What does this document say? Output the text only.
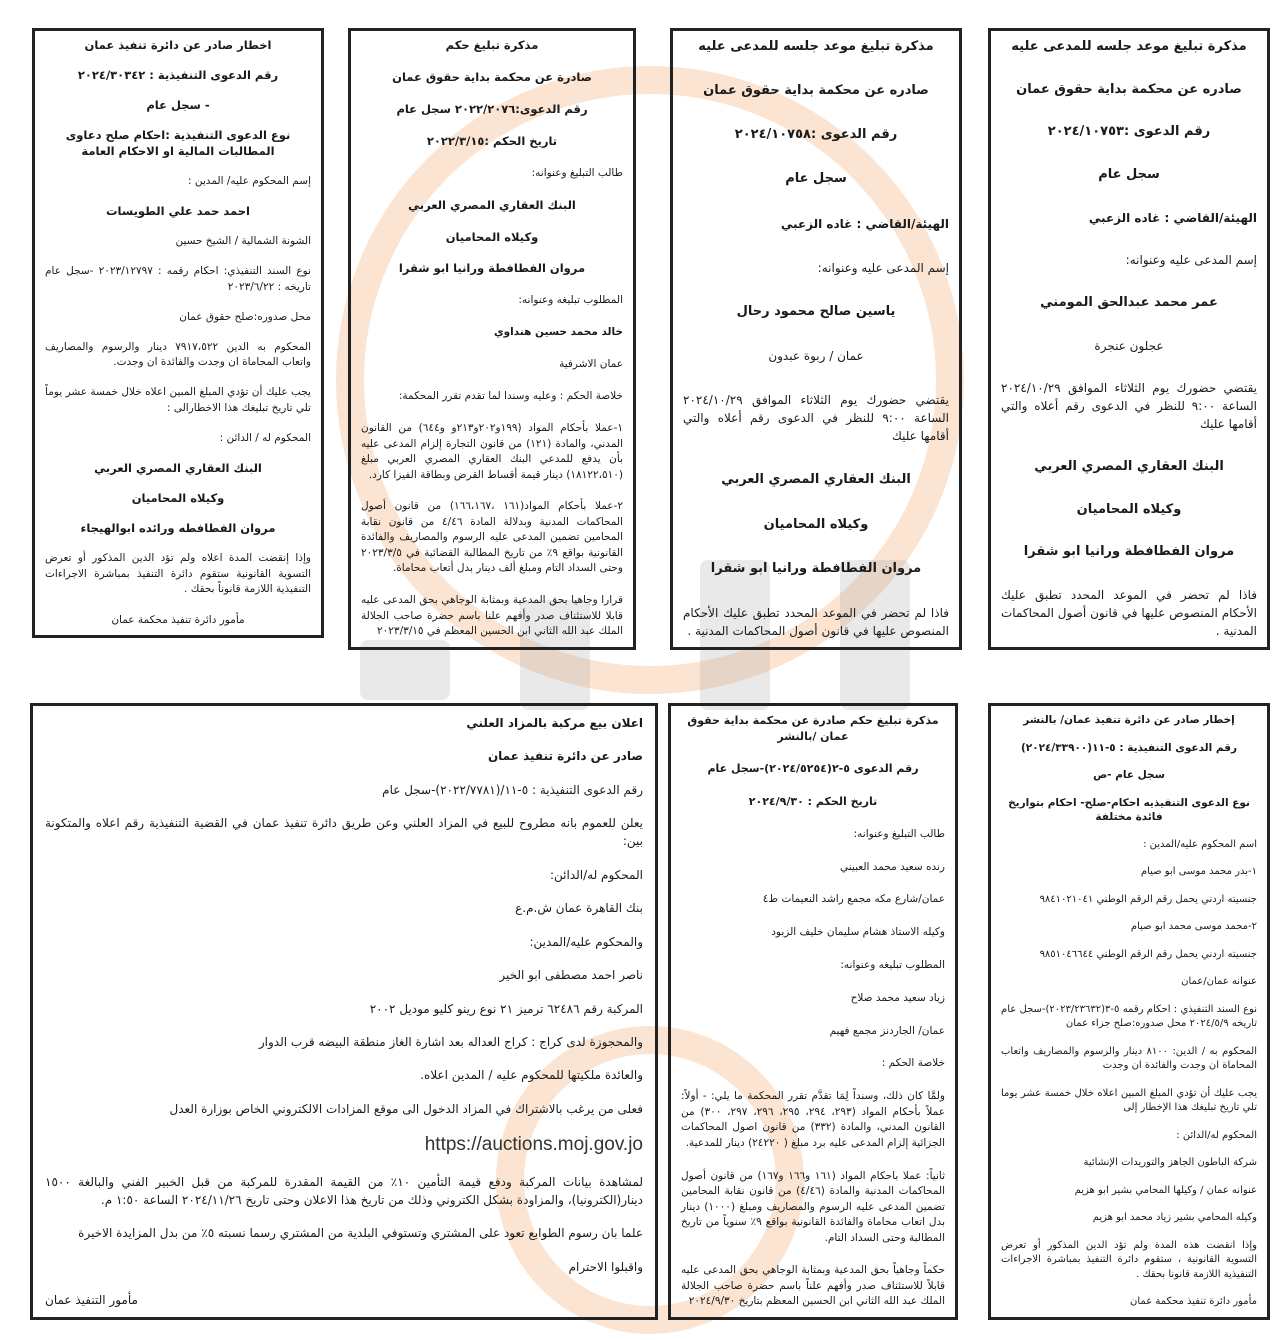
مذكرة تبليغ موعد جلسه للمدعى عليه
صادره عن محكمة بداية حقوق عمان
رقم الدعوى :٢٠٢٤/١٠٧٥٣
سجل عام
الهيئة/القاضي : غاده الزعبي
إسم المدعى عليه وعنوانه:
عمر محمد عبدالحق المومني
عجلون عنجرة
يقتضي حضورك يوم الثلاثاء الموافق ٢٠٢٤/١٠/٢٩ الساعة ٩:٠٠ للنظر في الدعوى رقم أعلاه والتي أقامها عليك
البنك العقاري المصري العربي
وكيلاه المحاميان
مروان الفطافطة ورانيا ابو شقرا
فاذا لم تحضر في الموعد المحدد تطبق عليك الأحكام المنصوص عليها في قانون أصول المحاكمات المدنية .
مذكرة تبليغ موعد جلسه للمدعى عليه
صادره عن محكمة بداية حقوق عمان
رقم الدعوى :٢٠٢٤/١٠٧٥٨
سجل عام
الهيئة/القاضي : غاده الزعبي
إسم المدعى عليه وعنوانه:
ياسين صالح محمود رحال
عمان / ربوة عبدون
يقتضي حضورك يوم الثلاثاء الموافق ٢٠٢٤/١٠/٢٩ الساعة ٩:٠٠ للنظر في الدعوى رقم أعلاه والتي أقامها عليك
البنك العقاري المصري العربي
وكيلاه المحاميان
مروان الفطافطة ورانيا ابو شقرا
فاذا لم تحضر في الموعد المحدد تطبق عليك الأحكام المنصوص عليها في قانون أصول المحاكمات المدنية .
مذكرة تبليغ حكم
صادرة عن محكمة بداية حقوق عمان
رقم الدعوى:٢٠٢٢/٢٠٧٦ سجل عام
تاريخ الحكم :٢٠٢٢/٣/١٥
طالب التبليغ وعنوانه:
البنك العقاري المصري العربي
وكيلاه المحاميان
مروان الفطافطة ورانيا ابو شقرا
المطلوب تبليغه وعنوانه:
خالد محمد حسين هنداوي
عمان الاشرفية
خلاصة الحكم : وعليه وسندا لما تقدم تقرر المحكمة:
١-عملا بأحكام المواد (١٩٩و٢٠٢و٢١٣و و٦٤٤) من القانون المدني، والمادة (١٢١) من قانون التجارة إلزام المدعى عليه بأن يدفع للمدعي البنك العقاري المصري العربي مبلغ (١٨١٢٢،٥١٠) دينار قيمة أقساط القرض وبطاقة الفيزا كارد.
٢-عملا بأحكام المواد(١٦١ ،١٦٦،١٦٧) من قانون أصول المحاكمات المدنية وبدلالة المادة ٤/٤٦ من قانون نقابة المحامين تضمين المدعى عليه الرسوم والمصاريف والفائدة القانونية بواقع ٩٪ من تاريخ المطالبة القضائية في ٢٠٢٣/٣/٥ وحتى السداد التام ومبلغ ألف دينار بدل أتعاب محاماة.
قرارا وجاهيا بحق المدعية وبمثابة الوجاهي بحق المدعى عليه قابلا للاستئناف صدر وأفهم علنا باسم حضرة صاحب الجلالة الملك عبد الله الثاني ابن الحسين المعظم في ٢٠٢٣/٣/١٥
اخطار صادر عن دائرة تنفيذ عمان
رقم الدعوى التنفيذية : ٢٠٢٤/٣٠٣٤٢
- سجل عام
نوع الدعوى التنفيذية :احكام صلح دعاوى المطالبات المالية او الاحكام العامة
إسم المحكوم عليه/ المدين :
احمد حمد علي الطويسات
الشونة الشمالية / الشيخ حسين
نوع السند التنفيذي: احكام رقمه : ٢٠٢٣/١٢٧٩٧ -سجل عام تاريخه : ٢٠٢٣/٦/٢٢
محل صدوره:صلح حقوق عمان
المحكوم به الدين ٧٩١٧،٥٢٢ دينار والرسوم والمصاريف واتعاب المحاماة ان وجدت والفائدة ان وجدت.
يجب عليك أن تؤدي المبلغ المبين اعلاه خلال خمسة عشر يوماً تلي تاريخ تبليغك هذا الاخطارالى :
المحكوم له / الدائن :
البنك العقاري المصري العربي
وكيلاه المحاميان
مروان الفطافطه ورائده ابوالهيجاء
وإذا إنقضت المدة اعلاه ولم تؤد الدين المذكور أو تعرض التسوية القانونية ستقوم دائرة التنفيذ بمباشرة الاجراءات التنفيذية اللازمة قانوناً بحقك .
مأمور دائرة تنفيذ محكمة عمان
إخطار صادر عن دائرة تنفيذ عمان/ بالنشر
رقم الدعوى التنفيذية : ٥-١١(٢٠٢٤/٣٣٩٠٠)
سجل عام -ص
نوع الدعوى التنفيذيه احكام-صلح- احكام بتواريخ فائدة مختلفة
اسم المحكوم عليه/المدين :
١-بدر محمد موسى ابو صيام
جنسيته اردني يحمل رقم الرقم الوطني ٩٨٤١٠٢١٠٤١
٢-محمد موسى محمد ابو صيام
جنسيته اردني يحمل رقم الرقم الوطني ٩٨٥١٠٤٦٦٤٤
عنوانه عمان/عمان
نوع السند التنفيذي : احكام رقمه ٥-٣(٢٠٢٣/٢٣٦٣٢)-سجل عام تاريخه ٢٠٢٤/٥/٩ محل صدوره:صلح جزاء عمان
المحكوم به / الدين: ٨١٠٠ دينار والرسوم والمصاريف واتعاب المحاماة ان وجدت والفائدة ان وجدت
يجب عليك أن تؤدي المبلغ المبين اعلاه خلال خمسة عشر يوما تلي تاريخ تبليغك هذا الإخطار إلى
المحكوم له/الدائن :
شركة الباطون الجاهز والتوريدات الإنشائية
عنوانه عمان / وكيلها المحامي بشير ابو هزيم
وكيله المحامي بشير زياد محمد ابو هزيم
وإذا انقضت هذه المدة ولم تؤد الدين المذكور أو تعرض التسوية القانونية ، ستقوم دائرة التنفيذ بمباشرة الاجراءات التنفيذية اللازمة قانونا بحقك .
مأمور دائرة تنفيذ محكمة عمان
مذكرة تبليغ حكم صادرة عن محكمة بداية حقوق عمان /بالنشر
رقم الدعوى ٥-٢(٢٠٢٤/٥٢٥٤)-سجل عام
تاريخ الحكم : ٢٠٢٤/٩/٣٠
طالب التبليغ وعنوانه:
رنده سعيد محمد العبيني
عمان/شارع مكه مجمع راشد النعيمات ط٤
وكيله الاستاذ هشام سليمان خليف الزبود
المطلوب تبليغه وعنوانه:
زياد سعيد محمد صلاح
عمان/ الجاردنز مجمع فهيم
خلاصة الحكم :
ولمَّا كان ذلك، وسنداً لِمَا تقدَّم تقرر المحكمة ما يلي: - أولاً: عملاً بأحكام المواد (٢٩٣، ٢٩٤، ٢٩٥، ٢٩٦، ٢٩٧، ٣٠٠) من القانون المدني، والمادة (٣٣٢) من قانون اصول المحاكمات الجزائية إلزام المدعى عليه برد مبلغ ( ٢٤٢٢٠) دينار للمدعية.
ثانياً: عملا باحكام المواد (١٦١ و١٦٦ و١٦٧) من قانون أصول المحاكمات المدنية والمادة (٤/٤٦) من قانون نقابة المحامين تضمين المدعى عليه الرسوم والمصاريف ومبلغ (١٠٠٠) دينار بدل اتعاب محاماة والفائدة القانونية بواقع ٩٪ سنوياً من تاريخ المطالبة وحتى السداد التام.
حكماً وجاهياً بحق المدعية وبمثابة الوجاهي بحق المدعى عليه قابلاً للاستئناف صدر وأفهم علناً باسم حضرة صاحب الجلالة الملك عبد الله الثاني ابن الحسين المعظم بتاريخ ٢٠٢٤/٩/٣٠
اعلان بيع مركبة بالمزاد العلني
صادر عن دائرة تنفيذ عمان
رقم الدعوى التنفيذية : ٥-١١/(٢٠٢٢/٧٧٨١)-سجل عام
يعلن للعموم بانه مطروح للبيع في المزاد العلني وعن طريق دائرة تنفيذ عمان في القضية التنفيذية رقم اعلاه والمتكونة بين:
المحكوم له/الدائن:
بنك القاهرة عمان ش.م.ع
والمحكوم عليه/المدين:
ناصر احمد مصطفى ابو الخير
المركبة رقم ٦٢٤٨٦ ترميز ٢١ نوع رينو كليو موديل ٢٠٠٢
والمحجوزة لدى كراج : كراج العداله بعد اشارة الغاز منطقة البيضه قرب الدوار
والعائدة ملكيتها للمحكوم عليه / المدين اعلاه.
فعلى من يرغب بالاشتراك في المزاد الدخول الى موقع المزادات الالكتروني الخاص بوزارة العدل
https://auctions.moj.gov.jo
لمشاهدة بيانات المركبة ودفع قيمة التأمين ١٠٪ من القيمة المقدرة للمركبة من قبل الخبير الفني والبالغة ١٥٠٠ دينار(الكترونيا)، والمزاودة بشكل الكتروني وذلك من تاريخ هذا الاعلان وحتى تاريخ ٢٠٢٤/١١/٢٦ الساعة ١:٥٠ م.
علما بان رسوم الطوابع تعود على المشتري وتستوفي البلدية من المشتري رسما نسبته ٥٪ من بدل المزايدة الاخيرة
واقبلوا الاحترام
مأمور التنفيذ عمان
